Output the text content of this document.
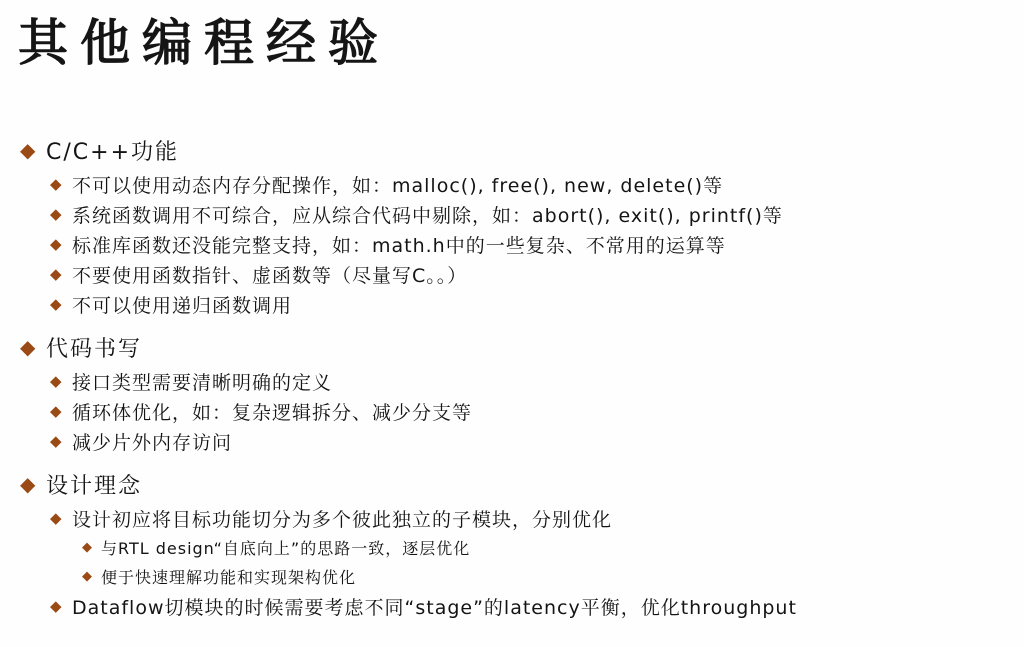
其他编程经验
◆ C/C++功能
◆ 不可以使用动态内存分配操作，如：malloc(), free(), new, delete()等
◆ 系统函数调用不可综合，应从综合代码中剔除，如：abort(), exit(), printf()等
◆ 标准库函数还没能完整支持，如：math.h中的一些复杂、不常用的运算等
◆ 不要使用函数指针、虚函数等（尽量写C。。）
◆ 不可以使用递归函数调用
◆ 代码书写
◆ 接口类型需要清晰明确的定义
◆ 循环体优化，如：复杂逻辑拆分、减少分支等
◆ 减少片外内存访问
◆ 设计理念
◆ 设计初应将目标功能切分为多个彼此独立的子模块，分别优化
◆ 与RTL design“自底向上”的思路一致，逐层优化
◆ 便于快速理解功能和实现架构优化
◆ Dataflow切模块的时候需要考虑不同“stage”的latency平衡，优化throughput
